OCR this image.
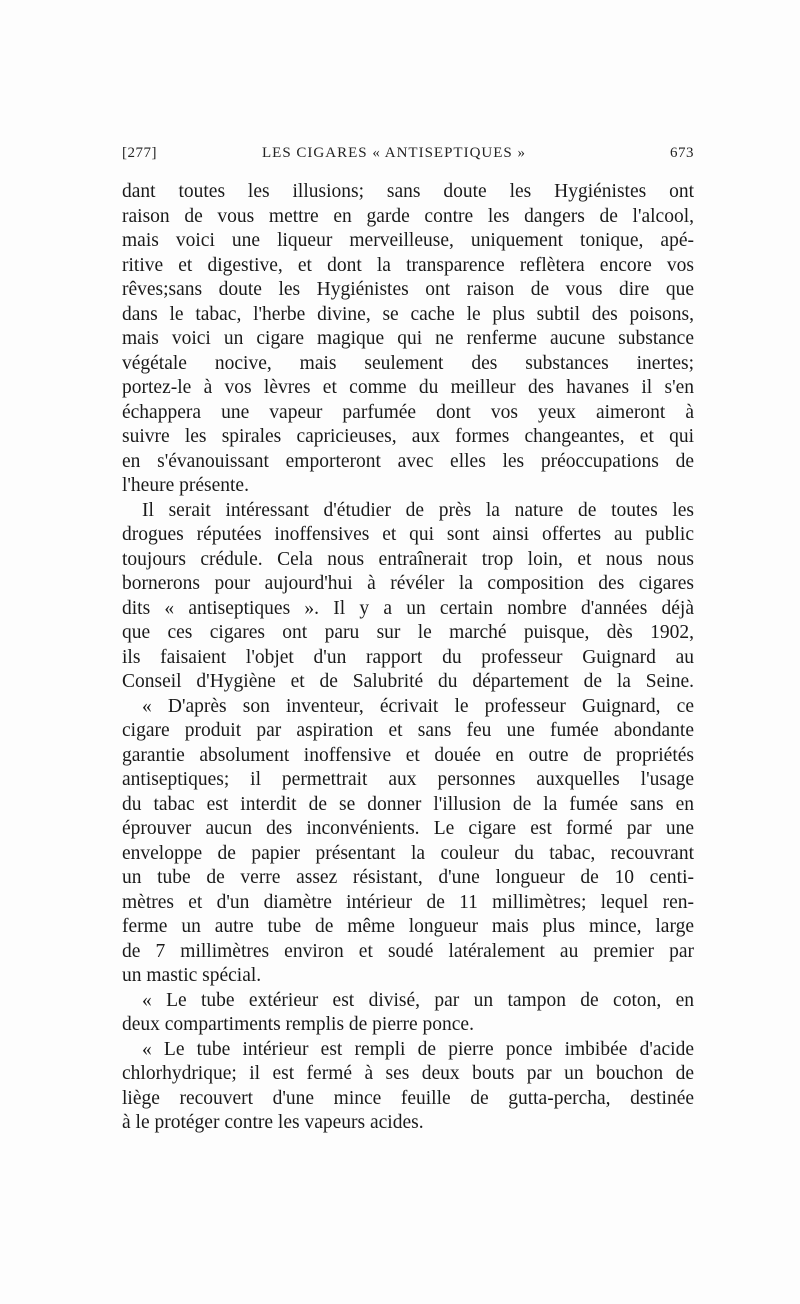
[277]	LES CIGARES « ANTISEPTIQUES »	673
dant toutes les illusions; sans doute les Hygiénistes ont
raison de vous mettre en garde contre les dangers de l'alcool,
mais voici une liqueur merveilleuse, uniquement tonique, apé-
ritive et digestive, et dont la transparence reflètera encore vos
rêves;sans doute les Hygiénistes ont raison de vous dire que
dans le tabac, l'herbe divine, se cache le plus subtil des poisons,
mais voici un cigare magique qui ne renferme aucune substance
végétale nocive, mais seulement des substances inertes;
portez-le à vos lèvres et comme du meilleur des havanes il s'en
échappera une vapeur parfumée dont vos yeux aimeront à
suivre les spirales capricieuses, aux formes changeantes, et qui
en s'évanouissant emporteront avec elles les préoccupations de
l'heure présente.
Il serait intéressant d'étudier de près la nature de toutes les
drogues réputées inoffensives et qui sont ainsi offertes au public
toujours crédule. Cela nous entraînerait trop loin, et nous nous
bornerons pour aujourd'hui à révéler la composition des cigares
dits « antiseptiques ». Il y a un certain nombre d'années déjà
que ces cigares ont paru sur le marché puisque, dès 1902,
ils faisaient l'objet d'un rapport du professeur Guignard au
Conseil d'Hygiène et de Salubrité du département de la Seine.
« D'après son inventeur, écrivait le professeur Guignard, ce
cigare produit par aspiration et sans feu une fumée abondante
garantie absolument inoffensive et douée en outre de propriétés
antiseptiques; il permettrait aux personnes auxquelles l'usage
du tabac est interdit de se donner l'illusion de la fumée sans en
éprouver aucun des inconvénients. Le cigare est formé par une
enveloppe de papier présentant la couleur du tabac, recouvrant
un tube de verre assez résistant, d'une longueur de 10 centi-
mètres et d'un diamètre intérieur de 11 millimètres; lequel ren-
ferme un autre tube de même longueur mais plus mince, large
de 7 millimètres environ et soudé latéralement au premier par
un mastic spécial.
« Le tube extérieur est divisé, par un tampon de coton, en
deux compartiments remplis de pierre ponce.
« Le tube intérieur est rempli de pierre ponce imbibée d'acide
chlorhydrique; il est fermé à ses deux bouts par un bouchon de
liège recouvert d'une mince feuille de gutta-percha, destinée
à le protéger contre les vapeurs acides.
